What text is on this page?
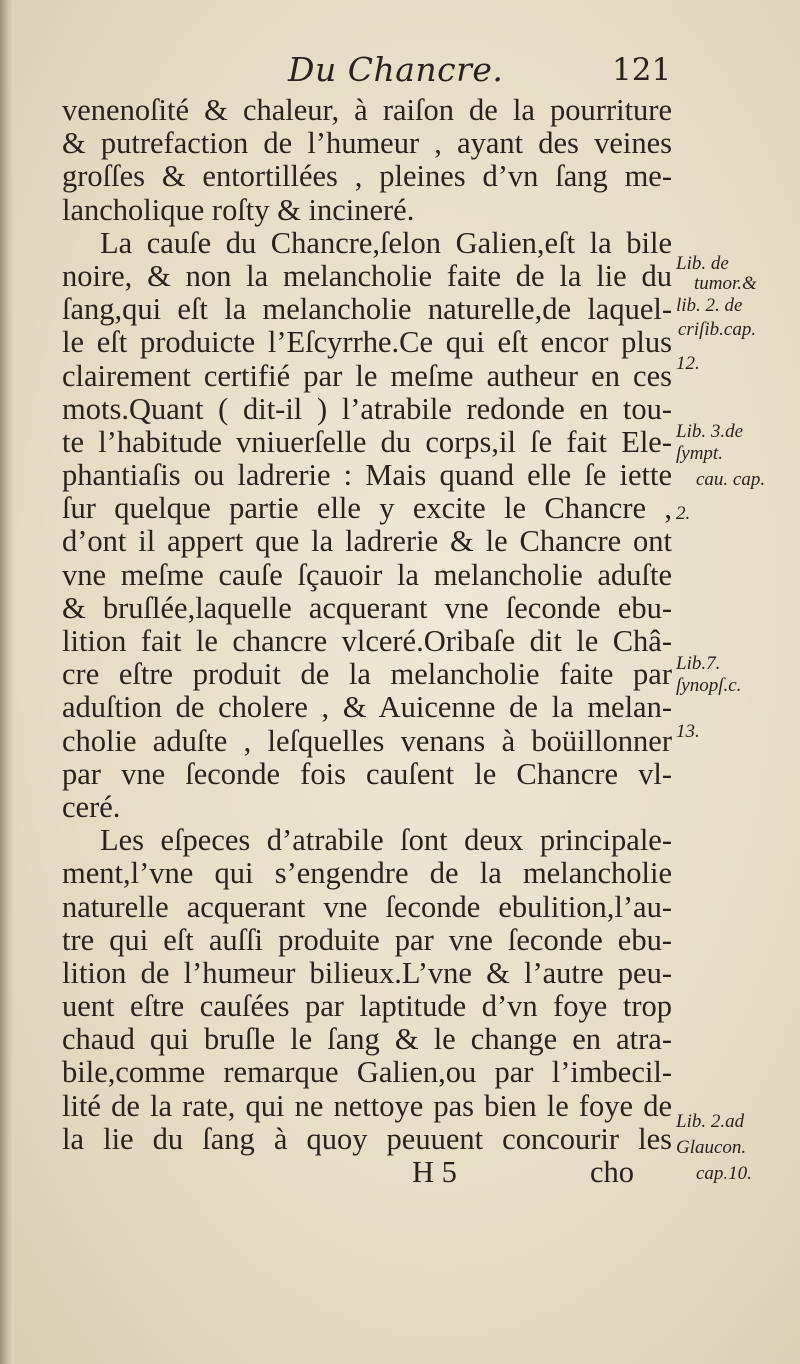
Du Chancre.	121
venenoſité & chaleur, à raiſon de la pourriture
& putrefaction de l’humeur , ayant des veines
groſſes & entortillées , pleines d’vn ſang me-
lancholique roſty & incineré.
La cauſe du Chancre,ſelon Galien,eſt la bile
noire, & non la melancholie faite de la lie du
ſang,qui eſt la melancholie naturelle,de laquel-
le eſt produicte l’Eſcyrrhe.Ce qui eſt encor plus
clairement certifié par le meſme autheur en ces
mots.Quant ( dit-il ) l’atrabile redonde en tou-
te l’habitude vniuerſelle du corps,il ſe fait Ele-
phantiaſis ou ladrerie : Mais quand elle ſe iette
ſur quelque partie elle y excite le Chancre ,
d’ont il appert que la ladrerie & le Chancre ont
vne meſme cauſe ſçauoir la melancholie aduſte
& bruſlée,laquelle acquerant vne ſeconde ebu-
lition fait le chancre vlceré.Oribaſe dit le Châ-
cre eſtre produit de la melancholie faite par
aduſtion de cholere , & Auicenne de la melan-
cholie aduſte , leſquelles venans à boüillonner
par vne ſeconde fois cauſent le Chancre vl-
ceré.
Les eſpeces d’atrabile ſont deux principale-
ment,l’vne qui s’engendre de la melancholie
naturelle acquerant vne ſeconde ebulition,l’au-
tre qui eſt auſſi produite par vne ſeconde ebu-
lition de l’humeur bilieux.L’vne & l’autre peu-
uent eſtre cauſées par laptitude d’vn foye trop
chaud qui bruſle le ſang & le change en atra-
bile,comme remarque Galien,ou par l’imbecil-
lité de la rate, qui ne nettoye pas bien le foye de
la lie du ſang à quoy peuuent concourir les
H 5	cho
Lib. de
tumor.&
lib. 2. de
criſib.cap.
12.
Lib. 3.de
ſympt.
cau. cap.
2.
Lib.7.
ſynopſ.c.
13.
Lib. 2.ad
Glaucon.
cap.10.
